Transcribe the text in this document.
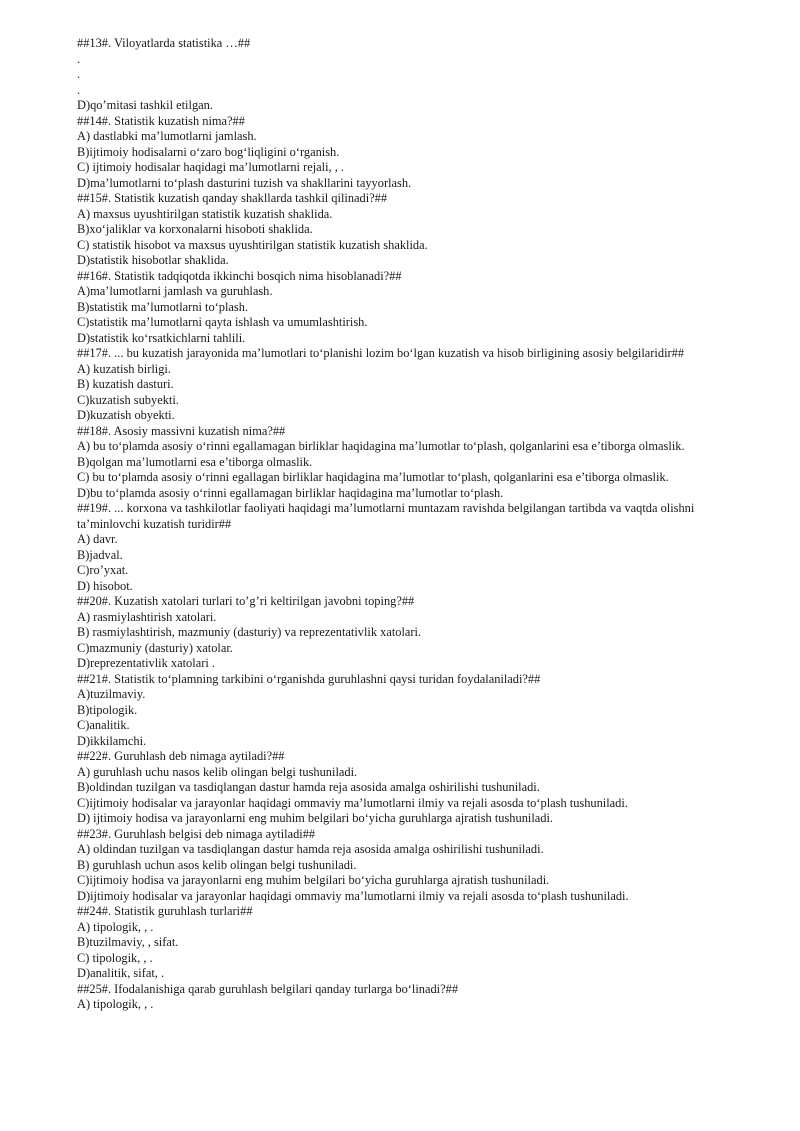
##13#. Viloyatlarda statistika …##
.
.
.
D)qo’mitasi tashkil etilgan.
##14#. Statistik kuzatish nima?##
A) dastlabki ma’lumotlarni jamlash.
B)ijtimoiy hodisalarni o‘zaro bog‘liqligini o‘rganish.
C) ijtimoiy hodisalar haqidagi ma’lumotlarni rejali, , .
D)ma’lumotlarni to‘plash dasturini tuzish va shakllarini tayyorlash.
##15#. Statistik kuzatish qanday shakllarda tashkil qilinadi?##
A) maxsus uyushtirilgan statistik kuzatish shaklida.
B)xo‘jaliklar va korxonalarni hisoboti shaklida.
C) statistik hisobot va maxsus uyushtirilgan statistik kuzatish shaklida.
D)statistik hisobotlar shaklida.
##16#. Statistik tadqiqotda ikkinchi bosqich nima hisoblanadi?##
A)ma’lumotlarni jamlash va guruhlash.
B)statistik ma’lumotlarni to‘plash.
C)statistik ma’lumotlarni qayta ishlash va umumlashtirish.
D)statistik ko‘rsatkichlarni tahlili.
##17#. ... bu kuzatish jarayonida ma’lumotlari to‘planishi lozim bo‘lgan kuzatish va hisob birligining asosiy belgilaridir##
A) kuzatish birligi.
B) kuzatish dasturi.
C)kuzatish subyekti.
D)kuzatish obyekti.
##18#. Asosiy massivni kuzatish nima?##
A) bu to‘plamda asosiy o‘rinni egallamagan birliklar haqidagina ma’lumotlar to‘plash, qolganlarini esa e’tiborga olmaslik.
B)qolgan ma’lumotlarni esa e’tiborga olmaslik.
C) bu to‘plamda asosiy o‘rinni egallagan birliklar haqidagina ma’lumotlar to‘plash, qolganlarini esa e’tiborga olmaslik.
D)bu to‘plamda asosiy o‘rinni egallamagan birliklar haqidagina ma’lumotlar to‘plash.
##19#. ... korxona va tashkilotlar faoliyati haqidagi ma’lumotlarni muntazam ravishda belgilangan tartibda va vaqtda olishni ta’minlovchi kuzatish turidir##
A) davr.
B)jadval.
C)ro’yxat.
D) hisobot.
##20#. Kuzatish xatolari turlari to’g’ri keltirilgan javobni toping?##
A) rasmiylashtirish xatolari.
B) rasmiylashtirish, mazmuniy (dasturiy) va reprezentativlik xatolari.
C)mazmuniy (dasturiy) xatolar.
D)reprezentativlik xatolari .
##21#. Statistik to‘plamning tarkibini o‘rganishda guruhlashni qaysi turidan foydalaniladi?##
A)tuzilmaviy.
B)tipologik.
C)analitik.
D)ikkilamchi.
##22#. Guruhlash deb nimaga aytiladi?##
A) guruhlash uchu nasos kelib olingan belgi tushuniladi.
B)oldindan tuzilgan va tasdiqlangan dastur hamda reja asosida amalga oshirilishi tushuniladi.
C)ijtimoiy hodisalar va jarayonlar haqidagi ommaviy ma’lumotlarni ilmiy va rejali asosda to‘plash tushuniladi.
D) ijtimoiy hodisa va jarayonlarni eng muhim belgilari bo‘yicha guruhlarga ajratish tushuniladi.
##23#. Guruhlash belgisi deb nimaga aytiladi##
A) oldindan tuzilgan va tasdiqlangan dastur hamda reja asosida amalga oshirilishi tushuniladi.
B) guruhlash uchun asos kelib olingan belgi tushuniladi.
C)ijtimoiy hodisa va jarayonlarni eng muhim belgilari bo‘yicha guruhlarga ajratish tushuniladi.
D)ijtimoiy hodisalar va jarayonlar haqidagi ommaviy ma’lumotlarni ilmiy va rejali asosda to‘plash tushuniladi.
##24#. Statistik guruhlash turlari##
A) tipologik, , .
B)tuzilmaviy, , sifat.
C) tipologik, , .
D)analitik, sifat, .
##25#. Ifodalanishiga qarab guruhlash belgilari qanday turlarga bo‘linadi?##
A) tipologik, , .
